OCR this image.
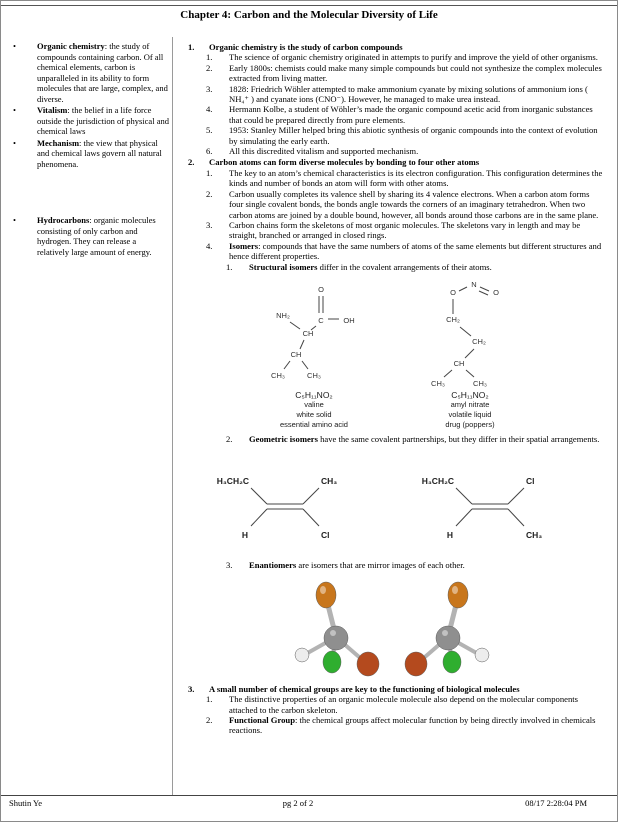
Chapter 4: Carbon and the Molecular Diversity of Life
•
Organic chemistry: the study of compounds containing carbon. Of all chemical elements, carbon is unparalleled in its ability to form molecules that are large, complex, and diverse.
•
Vitalism: the belief in a life force outside the jurisdiction of physical and chemical laws
•
Mechanism: the view that physical and chemical laws govern all natural phenomena.
•
Hydrocarbons: organic molecules consisting of only carbon and hydrogen. They can release a relatively large amount of energy.
1.	Organic chemistry is the study of carbon compounds
1.	The science of organic chemistry originated in attempts to purify and improve the yield of other organisms.
2.	Early 1800s: chemists could make many simple compounds but could not synthesize the complex molecules extracted from living matter.
3.	1828: Friedrich Wöhler attempted to make ammonium cyanate by mixing solutions of ammonium ions ( NH₄⁺ ) and cyanate ions (CNO⁻). However, he managed to make urea instead.
4.	Hermann Kolbe, a student of Wöhler’s made the organic compound acetic acid from inorganic substances that could be prepared directly from pure elements.
5.	1953: Stanley Miller helped bring this abiotic synthesis of organic compounds into the context of evolution by simulating the early earth.
6.	All this discredited vitalism and supported mechanism.
2.	Carbon atoms can form diverse molecules by bonding to four other atoms
1.	The key to an atom’s chemical characteristics is its electron configuration. This configuration determines the kinds and number of bonds an atom will form with other atoms.
2.	Carbon usually completes its valence shell by sharing its 4 valence electrons. When a carbon atom forms four single covalent bonds, the bonds angle towards the corners of an imaginary tetrahedron. When two carbon atoms are joined by a double bound, however, all bonds around those carbons are in the same plane.
3.	Carbon chains form the skeletons of most organic molecules. The skeletons vary in length and may be straight, branched or arranged in closed rings.
4.	Isomers: compounds that have the same numbers of atoms of the same elements but different structures and hence different properties.
1.	Structural isomers differ in the covalent arrangements of their atoms.
O
C	OH
NH₂
CH
CH
CH₃	CH₃
C₅H₁₁NO₂
valine
white solid
essential amino acid
O
N
O
CH₂
CH₂
CH
CH₃	CH₃
C₅H₁₁NO₂
amyl nitrate
volatile liquid
drug (poppers)
2.	Geometric isomers have the same covalent partnerships, but they differ in their spatial arrangements.
H₃CH₂C	CH₃
H	Cl
H₃CH₂C	Cl
H	CH₃
3.	Enantiomers are isomers that are mirror images of each other.
3.	A small number of chemical groups are key to the functioning of biological molecules
1.	The distinctive properties of an organic molecule molecule also depend on the molecular components attached to the carbon skeleton.
2.	Functional Group: the chemical groups affect molecular function by being directly involved in chemicals reactions.
Shutin Ye	pg 2 of 2	08/17 2:28:04 PM
